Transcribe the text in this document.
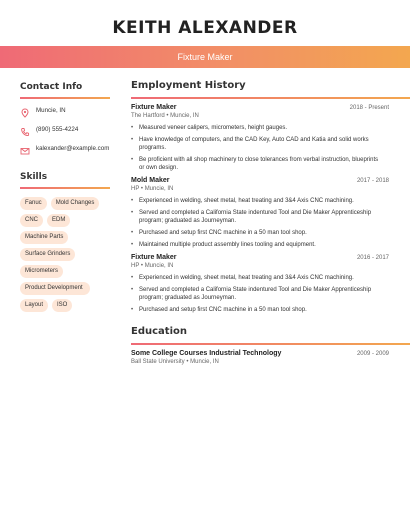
KEITH ALEXANDER
Fixture Maker
Contact Info
Muncie, IN
(890) 555-4224
kalexander@example.com
Skills
Fanuc	Mold Changes
CNC	EDM
Machine Parts
Surface Grinders
Micrometers
Product Development
Layout	ISO
Employment History
Fixture Maker	2018 - Present
The Hartford • Muncie, IN
• Measured veneer calipers, micrometers, height gauges.
• Have knowledge of computers, and the CAD Key, Auto CAD and Katia and solid works programs.
• Be proficient with all shop machinery to close tolerances from verbal instruction, blueprints or own design.
Mold Maker	2017 - 2018
HP • Muncie, IN
• Experienced in welding, sheet metal, heat treating and 3&4 Axis CNC machining.
• Served and completed a California State indentured Tool and Die Maker Apprenticeship program; graduated as Journeyman.
• Purchased and setup first CNC machine in a 50 man tool shop.
• Maintained multiple product assembly lines tooling and equipment.
Fixture Maker	2016 - 2017
HP • Muncie, IN
• Experienced in welding, sheet metal, heat treating and 3&4 Axis CNC machining.
• Served and completed a California State indentured Tool and Die Maker Apprenticeship program; graduated as Journeyman.
• Purchased and setup first CNC machine in a 50 man tool shop.
Education
Some College Courses Industrial Technology	2009 - 2009
Ball State University • Muncie, IN
